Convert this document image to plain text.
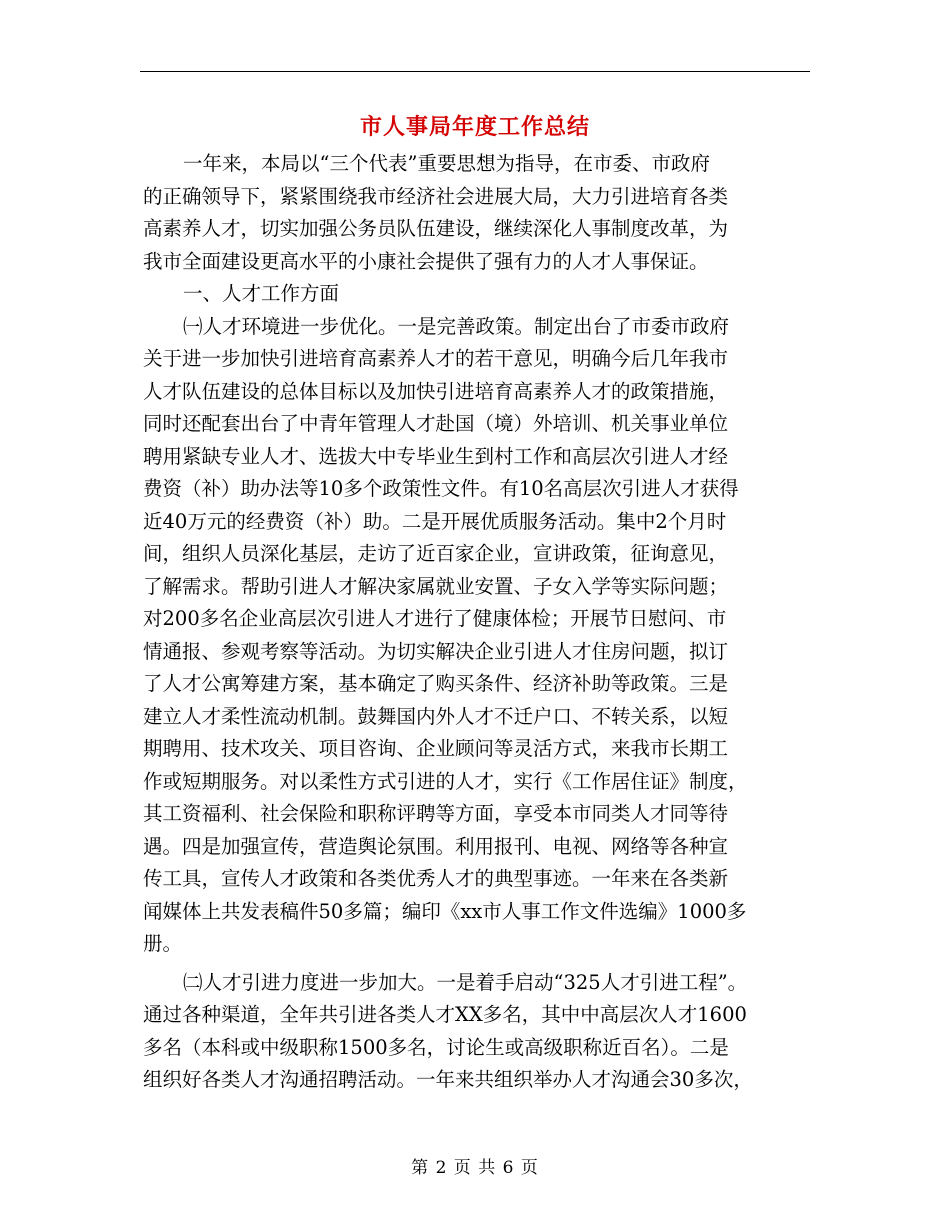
市人事局年度工作总结
一年来，本局以“三个代表”重要思想为指导，在市委、市政府
的正确领导下，紧紧围绕我市经济社会进展大局，大力引进培育各类
高素养人才，切实加强公务员队伍建设，继续深化人事制度改革，为
我市全面建设更高水平的小康社会提供了强有力的人才人事保证。
一、人才工作方面
㈠人才环境进一步优化。一是完善政策。制定出台了市委市政府
关于进一步加快引进培育高素养人才的若干意见，明确今后几年我市
人才队伍建设的总体目标以及加快引进培育高素养人才的政策措施，
同时还配套出台了中青年管理人才赴国（境）外培训、机关事业单位
聘用紧缺专业人才、选拔大中专毕业生到村工作和高层次引进人才经
费资（补）助办法等10多个政策性文件。有10名高层次引进人才获得
近40万元的经费资（补）助。二是开展优质服务活动。集中2个月时
间，组织人员深化基层，走访了近百家企业，宣讲政策，征询意见，
了解需求。帮助引进人才解决家属就业安置、子女入学等实际问题；
对200多名企业高层次引进人才进行了健康体检；开展节日慰问、市
情通报、参观考察等活动。为切实解决企业引进人才住房问题，拟订
了人才公寓筹建方案，基本确定了购买条件、经济补助等政策。三是
建立人才柔性流动机制。鼓舞国内外人才不迁户口、不转关系，以短
期聘用、技术攻关、项目咨询、企业顾问等灵活方式，来我市长期工
作或短期服务。对以柔性方式引进的人才，实行《工作居住证》制度，
其工资福利、社会保险和职称评聘等方面，享受本市同类人才同等待
遇。四是加强宣传，营造舆论氛围。利用报刊、电视、网络等各种宣
传工具，宣传人才政策和各类优秀人才的典型事迹。一年来在各类新
闻媒体上共发表稿件50多篇；编印《xx市人事工作文件选编》1000多
册。
㈡人才引进力度进一步加大。一是着手启动“325人才引进工程”。
通过各种渠道，全年共引进各类人才XX多名，其中中高层次人才1600
多名（本科或中级职称1500多名，讨论生或高级职称近百名）。二是
组织好各类人才沟通招聘活动。一年来共组织举办人才沟通会30多次，
第 2 页 共 6 页
